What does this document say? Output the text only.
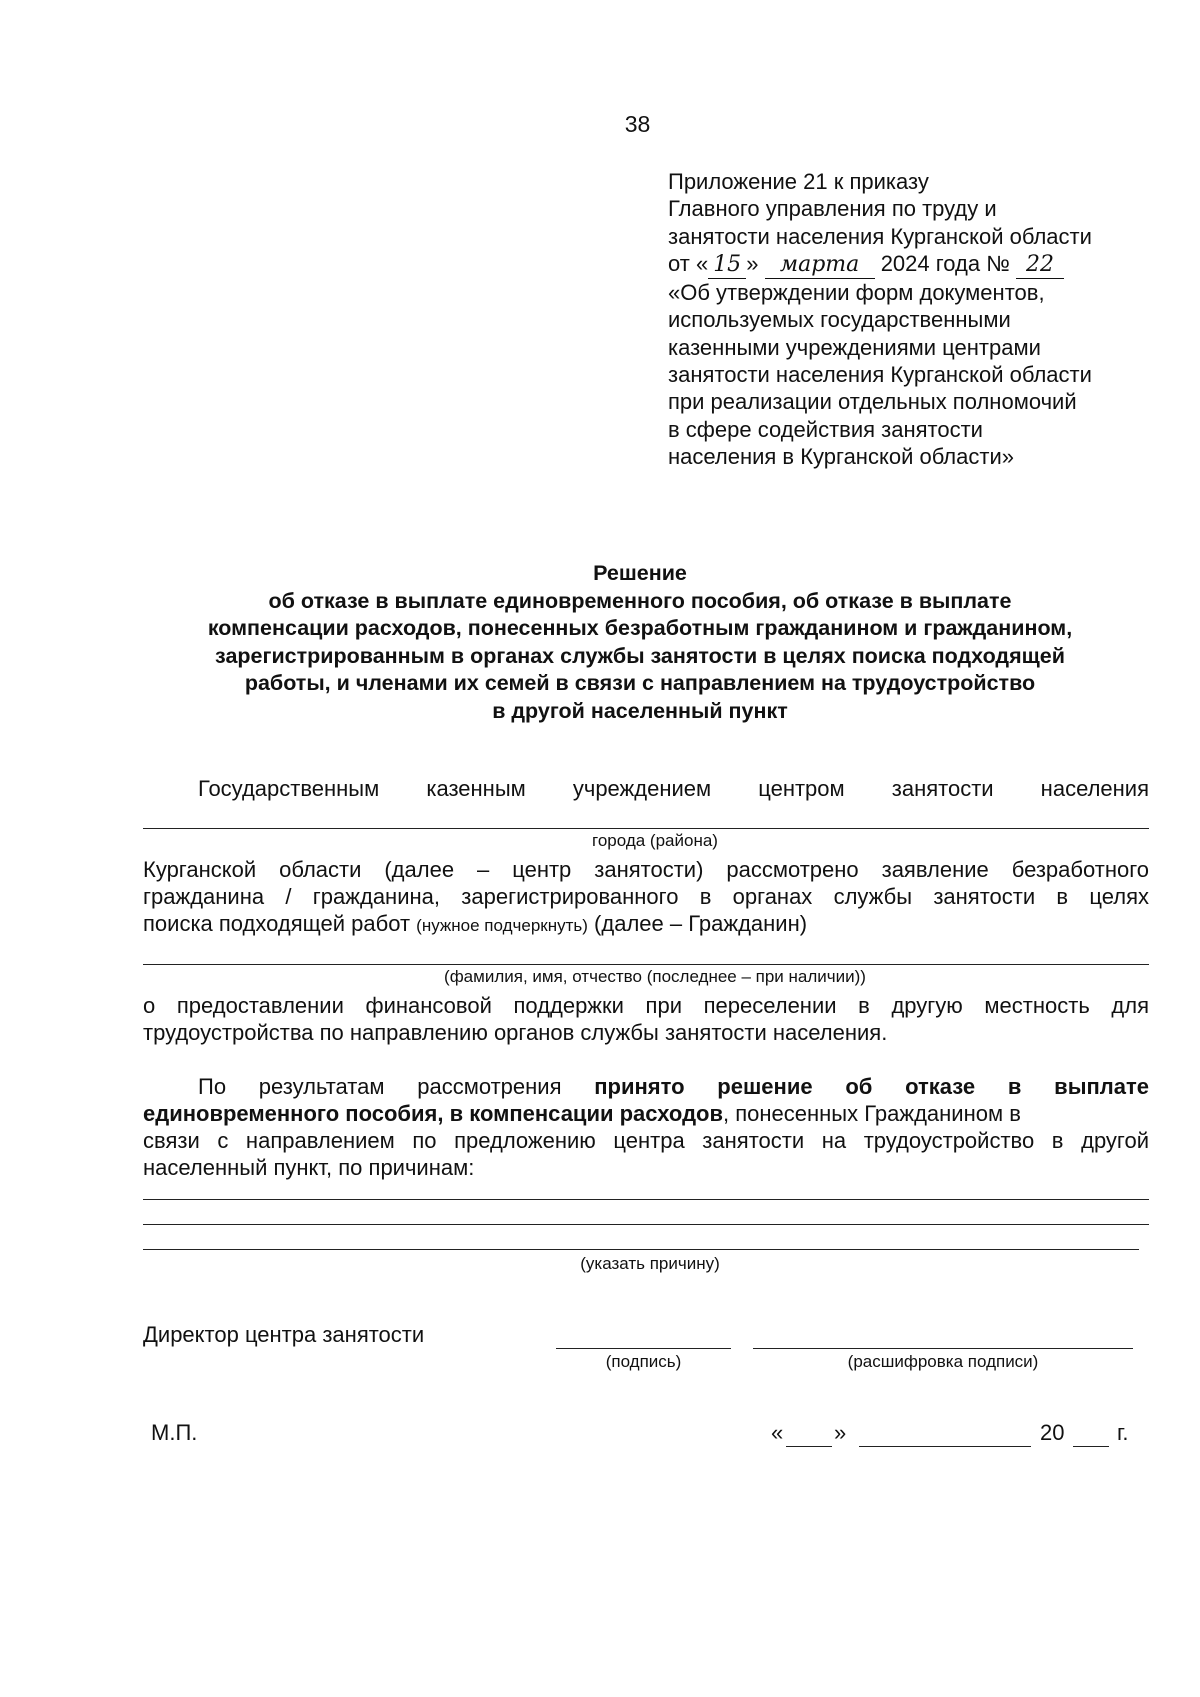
38
Приложение 21 к приказу
Главного управления по труду и
занятости населения Курганской области
от « 15 » марта 2024 года № 22
«Об утверждении форм документов,
используемых государственными
казенными учреждениями центрами
занятости населения Курганской области
при реализации отдельных полномочий
в сфере содействия занятости
населения в Курганской области»
Решение
об отказе в выплате единовременного пособия, об отказе в выплате
компенсации расходов, понесенных безработным гражданином и гражданином,
зарегистрированным в органах службы занятости в целях поиска подходящей
работы, и членами их семей в связи с направлением на трудоустройство
в другой населенный пункт
Государственным казенным учреждением центром занятости населения
города (района)
Курганской области (далее – центр занятости) рассмотрено заявление безработного
гражданина / гражданина, зарегистрированного в органах службы занятости в целях
поиска подходящей работ (нужное подчеркнуть) (далее – Гражданин)
(фамилия, имя, отчество (последнее – при наличии))
о предоставлении финансовой поддержки при переселении в другую местность для
трудоустройства по направлению органов службы занятости населения.
По результатам рассмотрения принято решение об отказе в выплате
единовременного пособия, в компенсации расходов, понесенных Гражданином в
связи с направлением по предложению центра занятости на трудоустройство в другой
населенный пункт, по причинам:
(указать причину)
Директор центра занятости
(подпись)	(расшифровка подписи)
М.П.	« »	20 г.
